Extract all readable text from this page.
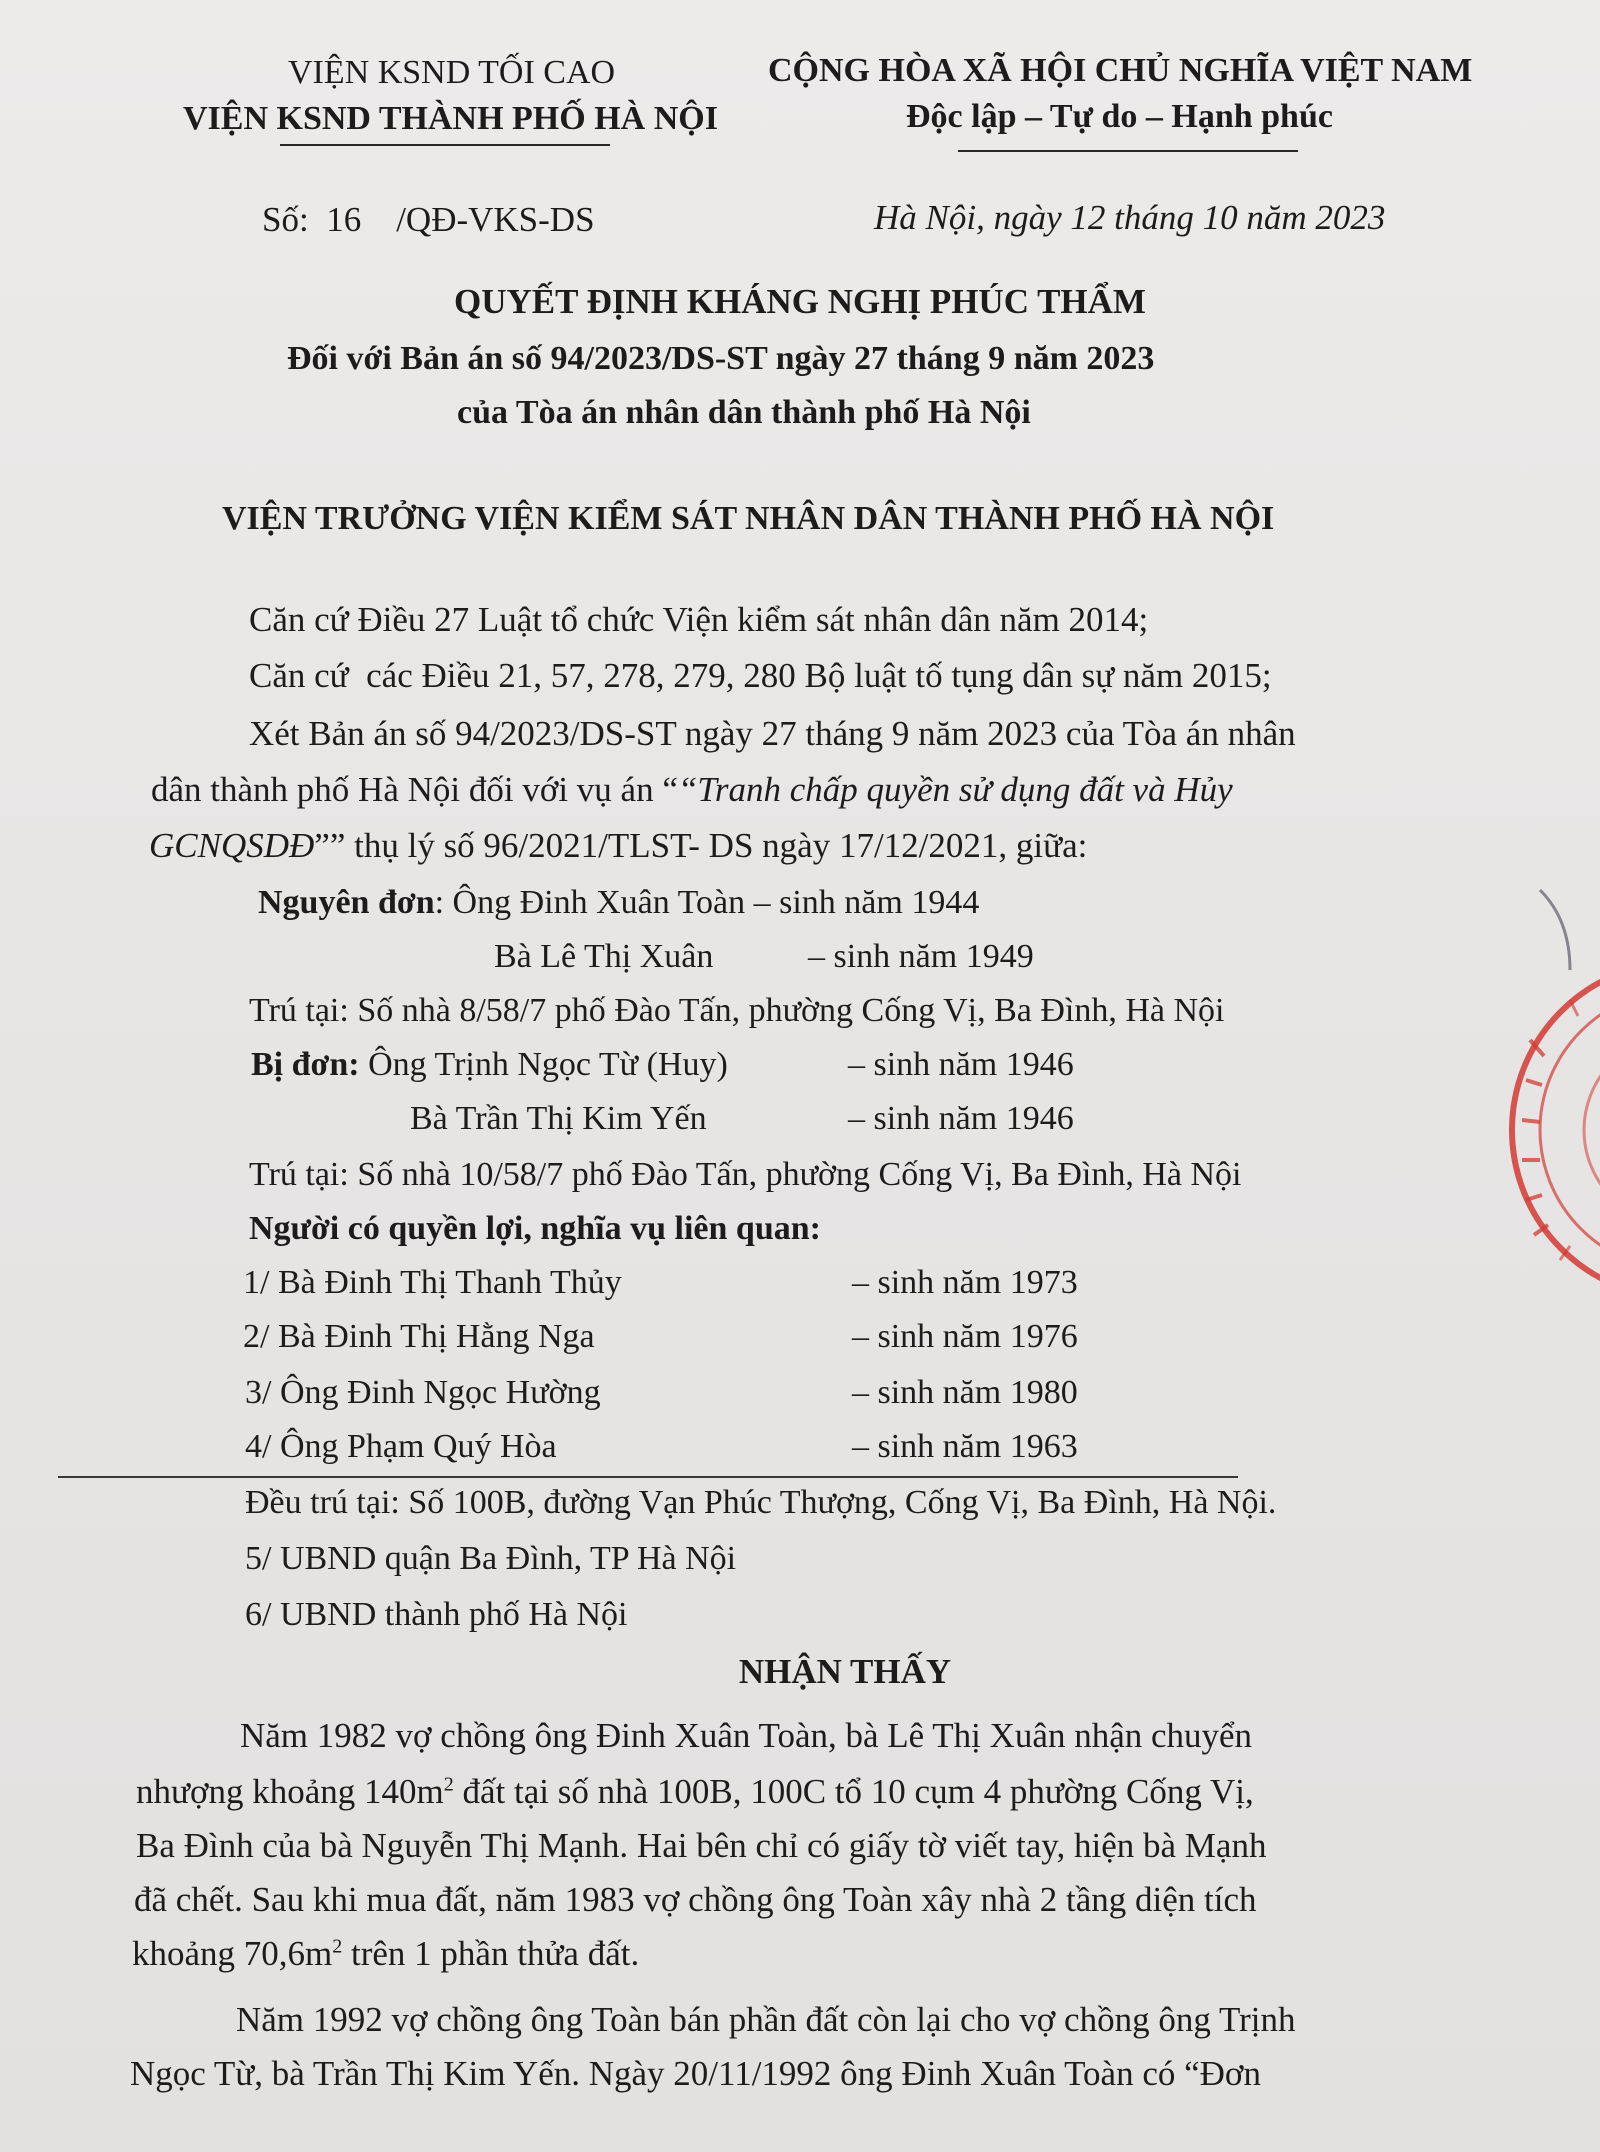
VIỆN KSND TỐI CAO
VIỆN KSND THÀNH PHỐ HÀ NỘI
CỘNG HÒA XÃ HỘI CHỦ NGHĨA VIỆT NAM
Độc lập – Tự do – Hạnh phúc
Số:  16    /QĐ-VKS-DS	Hà Nội, ngày 12 tháng 10 năm 2023
QUYẾT ĐỊNH KHÁNG NGHỊ PHÚC THẨM
Đối với Bản án số 94/2023/DS-ST ngày 27 tháng 9 năm 2023
của Tòa án nhân dân thành phố Hà Nội
VIỆN TRƯỞNG VIỆN KIỂM SÁT NHÂN DÂN THÀNH PHỐ HÀ NỘI
Căn cứ Điều 27 Luật tổ chức Viện kiểm sát nhân dân năm 2014;
Căn cứ  các Điều 21, 57, 278, 279, 280 Bộ luật tố tụng dân sự năm 2015;
Xét Bản án số 94/2023/DS-ST ngày 27 tháng 9 năm 2023 của Tòa án nhân
dân thành phố Hà Nội đối với vụ án ““Tranh chấp quyền sử dụng đất và Hủy
GCNQSDĐ”” thụ lý số 96/2021/TLST- DS ngày 17/12/2021, giữa:
Nguyên đơn: Ông Đinh Xuân Toàn – sinh năm 1944
Bà Lê Thị Xuân	– sinh năm 1949
Trú tại: Số nhà 8/58/7 phố Đào Tấn, phường Cống Vị, Ba Đình, Hà Nội
Bị đơn: Ông Trịnh Ngọc Từ (Huy)	– sinh năm 1946
Bà Trần Thị Kim Yến	– sinh năm 1946
Trú tại: Số nhà 10/58/7 phố Đào Tấn, phường Cống Vị, Ba Đình, Hà Nội
Người có quyền lợi, nghĩa vụ liên quan:
1/ Bà Đinh Thị Thanh Thủy	– sinh năm 1973
2/ Bà Đinh Thị Hằng Nga	– sinh năm 1976
3/ Ông Đinh Ngọc Hường	– sinh năm 1980
4/ Ông Phạm Quý Hòa	– sinh năm 1963
Đều trú tại: Số 100B, đường Vạn Phúc Thượng, Cống Vị, Ba Đình, Hà Nội.
5/ UBND quận Ba Đình, TP Hà Nội
6/ UBND thành phố Hà Nội
NHẬN THẤY
Năm 1982 vợ chồng ông Đinh Xuân Toàn, bà Lê Thị Xuân nhận chuyển
nhượng khoảng $140m^2$ đất tại số nhà 100B, 100C tổ 10 cụm 4 phường Cống Vị,
Ba Đình của bà Nguyễn Thị Mạnh. Hai bên chỉ có giấy tờ viết tay, hiện bà Mạnh
đã chết. Sau khi mua đất, năm 1983 vợ chồng ông Toàn xây nhà 2 tầng diện tích
khoảng $70,6m^2$ trên 1 phần thửa đất.
Năm 1992 vợ chồng ông Toàn bán phần đất còn lại cho vợ chồng ông Trịnh
Ngọc Từ, bà Trần Thị Kim Yến. Ngày 20/11/1992 ông Đinh Xuân Toàn có “Đơn
